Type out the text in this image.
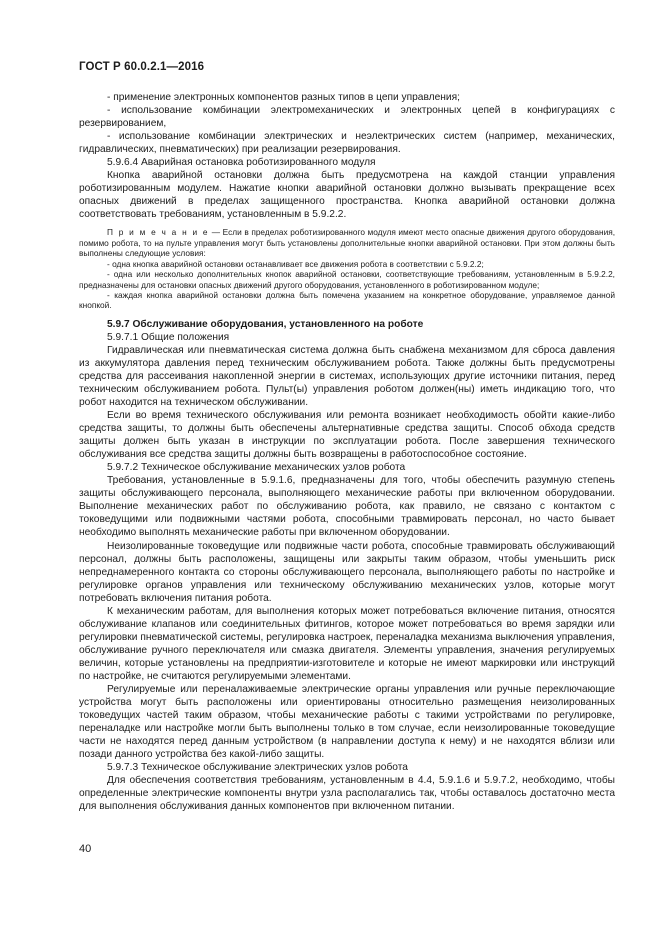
ГОСТ Р 60.0.2.1—2016

- применение электронных компонентов разных типов в цепи управления;

- использование комбинации электромеханических и электронных цепей в конфигурациях с резервированием,

- использование комбинации электрических и неэлектрических систем (например, механических, гидравлических, пневматических) при реализации резервирования.

5.9.6.4 Аварийная остановка роботизированного модуля

Кнопка аварийной остановки должна быть предусмотрена на каждой станции управления роботизированным модулем. Нажатие кнопки аварийной остановки должно вызывать прекращение всех опасных движений в пределах защищенного пространства. Кнопка аварийной остановки должна соответствовать требованиям, установленным в 5.9.2.2.

П р и м е ч а н и е — Если в пределах роботизированного модуля имеют место опасные движения другого оборудования, помимо робота, то на пульте управления могут быть установлены дополнительные кнопки аварийной остановки. При этом должны быть выполнены следующие условия:

- одна кнопка аварийной остановки останавливает все движения робота в соответствии с 5.9.2.2;

- одна или несколько дополнительных кнопок аварийной остановки, соответствующие требованиям, установленным в 5.9.2.2, предназначены для остановки опасных движений другого оборудования, установленного в роботизированном модуле;

- каждая кнопка аварийной остановки должна быть помечена указанием на конкретное оборудование, управляемое данной кнопкой.

5.9.7 Обслуживание оборудования, установленного на роботе

5.9.7.1 Общие положения

Гидравлическая или пневматическая система должна быть снабжена механизмом для сброса давления из аккумулятора давления перед техническим обслуживанием робота. Также должны быть предусмотрены средства для рассеивания накопленной энергии в системах, использующих другие источники питания, перед техническим обслуживанием робота. Пульт(ы) управления роботом должен(ны) иметь индикацию того, что робот находится на техническом обслуживании.

Если во время технического обслуживания или ремонта возникает необходимость обойти какие-либо средства защиты, то должны быть обеспечены альтернативные средства защиты. Способ обхода средств защиты должен быть указан в инструкции по эксплуатации робота. После завершения технического обслуживания все средства защиты должны быть возвращены в работоспособное состояние.

5.9.7.2 Техническое обслуживание механических узлов робота

Требования, установленные в 5.9.1.6, предназначены для того, чтобы обеспечить разумную степень защиты обслуживающего персонала, выполняющего механические работы при включенном оборудовании. Выполнение механических работ по обслуживанию робота, как правило, не связано с контактом с токоведущими или подвижными частями робота, способными травмировать персонал, но часто бывает необходимо выполнять механические работы при включенном оборудовании.

Неизолированные токоведущие или подвижные части робота, способные травмировать обслуживающий персонал, должны быть расположены, защищены или закрыты таким образом, чтобы уменьшить риск непреднамеренного контакта со стороны обслуживающего персонала, выполняющего работы по настройке и регулировке органов управления или техническому обслуживанию механических узлов, которые могут потребовать включения питания робота.

К механическим работам, для выполнения которых может потребоваться включение питания, относятся обслуживание клапанов или соединительных фитингов, которое может потребоваться во время зарядки или регулировки пневматической системы, регулировка настроек, переналадка механизма выключения управления, обслуживание ручного переключателя или смазка двигателя. Элементы управления, значения регулируемых величин, которые установлены на предприятии-изготовителе и которые не имеют маркировки или инструкций по настройке, не считаются регулируемыми элементами.

Регулируемые или переналаживаемые электрические органы управления или ручные переключающие устройства могут быть расположены или ориентированы относительно размещения неизолированных токоведущих частей таким образом, чтобы механические работы с такими устройствами по регулировке, переналадке или настройке могли быть выполнены только в том случае, если неизолированные токоведущие части не находятся перед данным устройством (в направлении доступа к нему) и не находятся вблизи или позади данного устройства без какой-либо защиты.

5.9.7.3 Техническое обслуживание электрических узлов робота

Для обеспечения соответствия требованиям, установленным в 4.4, 5.9.1.6 и 5.9.7.2, необходимо, чтобы определенные электрические компоненты внутри узла располагались так, чтобы оставалось достаточно места для выполнения обслуживания данных компонентов при включенном питании.

40
